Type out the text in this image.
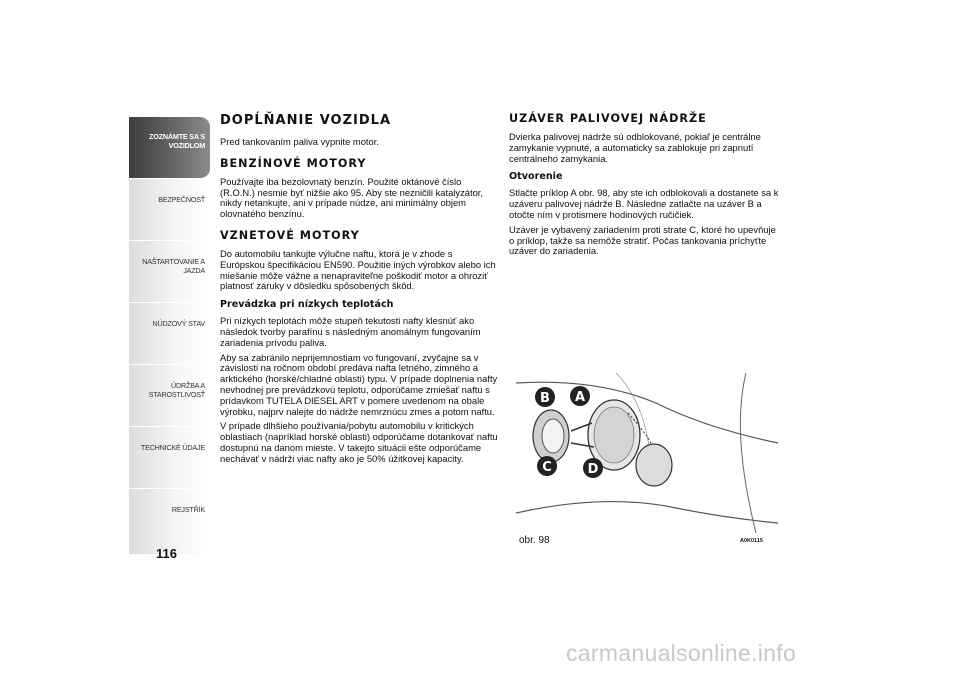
ZOZNÁMTE SA S
VOZIDLOM
BEZPEČNOSŤ
NAŠTARTOVANIE A
JAZDA
NÚDZOVÝ STAV
ÚDRŽBA A
STAROSTLIVOSŤ
TECHNICKÉ ÚDAJE
REJSTŘÍK
116
DOPĹŇANIE VOZIDLA

Pred tankovaním paliva vypnite motor.

BENZÍNOVÉ MOTORY

Používajte iba bezolovnatý benzín. Použité oktánové číslo (R.O.N.) nesmie byť nižšie ako 95. Aby ste nezničili katalyzátor, nikdy netankujte, ani v prípade núdze, ani minimálny objem olovnatého benzínu.

VZNETOVÉ MOTORY

Do automobilu tankujte výlučne naftu, ktorá je v zhode s Európskou špecifikáciou EN590. Použitie iných výrobkov alebo ich miešanie môže vážne a nenapraviteľne poškodiť motor a ohroziť platnosť záruky v dôsledku spôsobených škôd.

Prevádzka pri nízkych teplotách

Pri nízkych teplotách môže stupeň tekutosti nafty klesnúť ako následok tvorby parafínu s následným anomálnym fungovaním zariadenia prívodu paliva.

Aby sa zabránilo neprijemnostiam vo fungovaní, zvyčajne sa v závislosti na ročnom období predáva nafta letného, zimného a arktického (horské/chladné oblasti) typu. V prípade doplnenia nafty nevhodnej pre prevádzkovú teplotu, odporúčame zmiešať naftu s prídavkom TUTELA DIESEL ART v pomere uvedenom na obale výrobku, najprv nalejte do nádrže nemrznúcu zmes a potom naftu.

V prípade dlhšieho používania/pobytu automobilu v kritických oblastiach (napríklad horské oblasti) odporúčame dotankovať naftu dostupnú na danom mieste. V takejto situácii ešte odporúčame nechávať v nádrži viac nafty ako je 50% úžitkovej kapacity.

UZÁVER PALIVOVEJ NÁDRŽE

Dvierka palivovej nádrže sú odblokované, pokiaľ je centrálne zamykanie vypnuté, a automaticky sa zablokuje pri zapnutí centrálneho zamykania.

Otvorenie

Stlačte príklop A obr. 98, aby ste ich odblokovali a dostanete sa k uzáveru palivovej nádrže B. Následne zatlačte na uzáver B a otočte ním v protismere hodinových ručičiek.

Uzáver je vybavený zariadením proti strate C, ktoré ho upevňuje o príklop, takže sa nemôže stratiť. Počas tankovania príchyťte uzáver do zariadenia.

B A
C	D
obr. 98	A0K0115
carmanualsonline.info
